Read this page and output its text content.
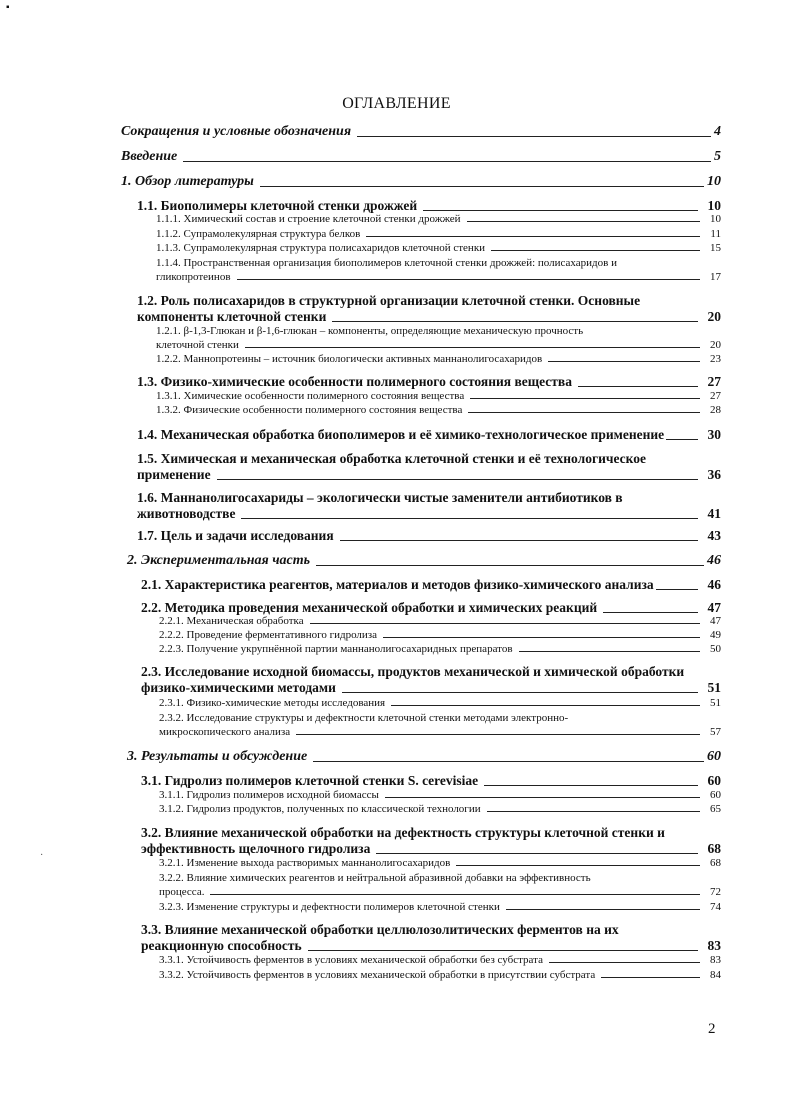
▪
ОГЛАВЛЕНИЕ
Сокращения и условные обозначения	4
Введение	5
1. Обзор литературы	10
1.1. Биополимеры клеточной стенки дрожжей	10
1.1.1. Химический состав и строение клеточной стенки дрожжей	10
1.1.2. Супрамолекулярная структура белков	11
1.1.3. Супрамолекулярная структура полисахаридов клеточной стенки	15
1.1.4. Пространственная организация биополимеров клеточной стенки дрожжей: полисахаридов и
гликопротеинов	17
1.2. Роль полисахаридов в структурной организации клеточной стенки. Основные
компоненты клеточной стенки	20
1.2.1. β-1,3-Глюкан и β-1,6-глюкан – компоненты, определяющие механическую прочность
клеточной стенки	20
1.2.2. Маннопротеины – источник биологически активных маннанолигосахаридов	23
1.3. Физико-химические особенности полимерного состояния вещества	27
1.3.1. Химические особенности полимерного состояния вещества	27
1.3.2. Физические особенности полимерного состояния вещества	28
1.4. Механическая обработка биополимеров и её химико-технологическое применение	30
1.5. Химическая и механическая обработка клеточной стенки и её технологическое
применение	36
1.6. Маннанолигосахариды – экологически чистые заменители антибиотиков в
животноводстве	41
1.7. Цель и задачи исследования	43
2. Экспериментальная часть	46
2.1. Характеристика реагентов, материалов и методов физико-химического анализа	46
2.2. Методика проведения механической обработки и химических реакций	47
2.2.1. Механическая обработка	47
2.2.2. Проведение ферментативного гидролиза	49
2.2.3. Получение укрупнённой партии маннанолигосахаридных препаратов	50
2.3. Исследование исходной биомассы, продуктов механической и химической обработки
физико-химическими методами	51
2.3.1. Физико-химические методы исследования	51
2.3.2. Исследование структуры и дефектности клеточной стенки методами электронно-
микроскопического анализа	57
3. Результаты и обсуждение	60
3.1. Гидролиз полимеров клеточной стенки S. cerevisiae	60
3.1.1. Гидролиз полимеров исходной биомассы	60
3.1.2. Гидролиз продуктов, полученных по классической технологии	65
·
3.2. Влияние механической обработки на дефектность структуры клеточной стенки и
эффективность щелочного гидролиза	68
3.2.1. Изменение выхода растворимых маннанолигосахаридов	68
3.2.2. Влияние химических реагентов и нейтральной абразивной добавки на эффективность
процесса.	72
3.2.3. Изменение структуры и дефектности полимеров клеточной стенки	74
3.3. Влияние механической обработки целлюлозолитических ферментов на их
реакционную способность	83
3.3.1. Устойчивость ферментов в условиях механической обработки без субстрата	83
3.3.2. Устойчивость ферментов в условиях механической обработки в присутствии субстрата	84
2
